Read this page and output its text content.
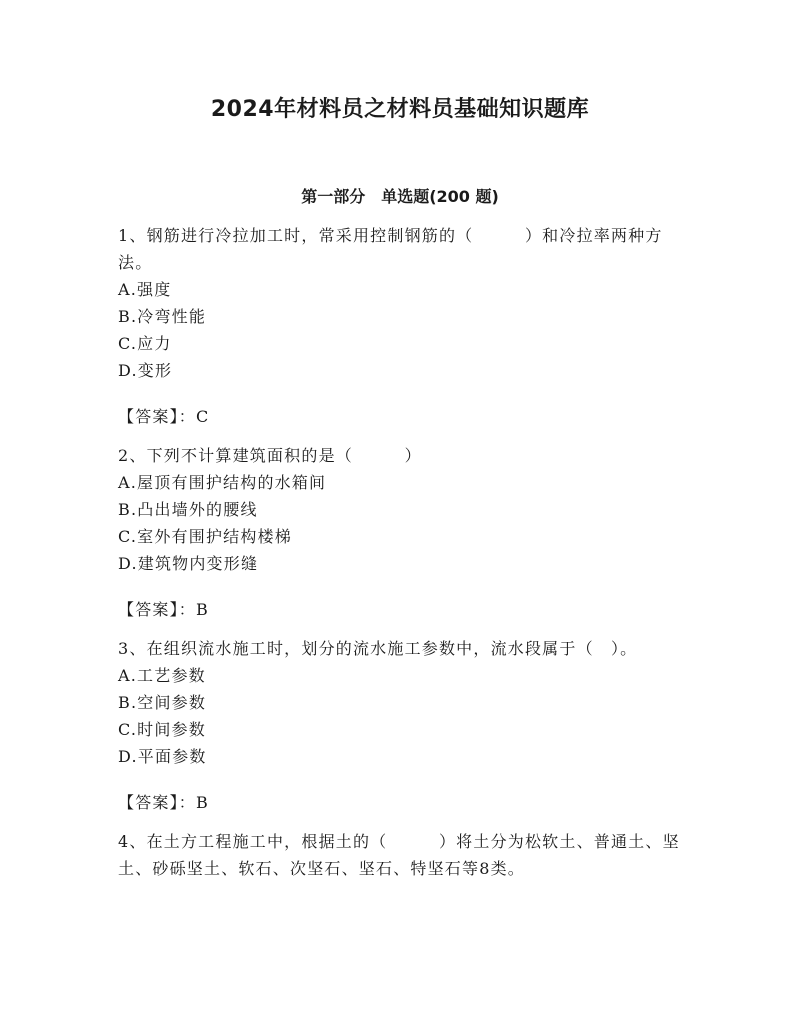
2024年材料员之材料员基础知识题库
第一部分 单选题(200 题)

1、钢筋进行冷拉加工时，常采用控制钢筋的（　　　）和冷拉率两种方法。

A.强度

B.冷弯性能

C.应力

D.变形

【答案】：C

2、下列不计算建筑面积的是（　　　）

A.屋顶有围护结构的水箱间

B.凸出墙外的腰线

C.室外有围护结构楼梯

D.建筑物内变形缝

【答案】：B

3、在组织流水施工时，划分的流水施工参数中，流水段属于（　）。

A.工艺参数

B.空间参数

C.时间参数

D.平面参数

【答案】：B

4、在土方工程施工中，根据土的（　　　）将土分为松软土、普通土、坚土、砂砾坚土、软石、次坚石、坚石、特坚石等8类。
